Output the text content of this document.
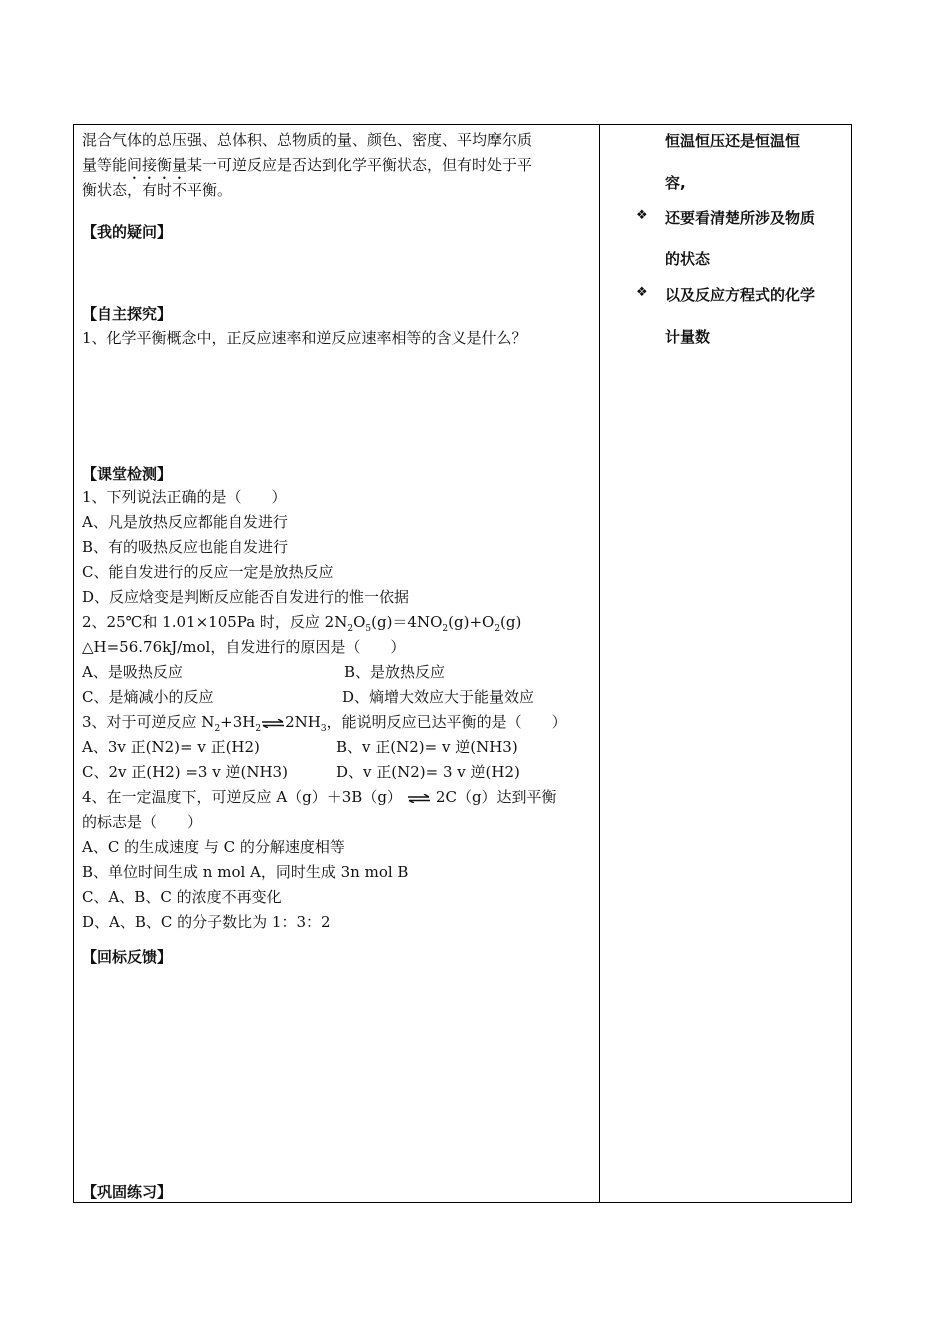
混合气体的总压强、总体积、总物质的量、颜色、密度、平均摩尔质
量等能间接衡量某一可逆反应是否达到化学平衡状态，但有时处于平
衡状态，有时不平衡。
【我的疑问】
【自主探究】
1、化学平衡概念中，正反应速率和逆反应速率相等的含义是什么？
【课堂检测】
1、下列说法正确的是（　　）
A、凡是放热反应都能自发进行
B、有的吸热反应也能自发进行
C、能自发进行的反应一定是放热反应
D、反应焓变是判断反应能否自发进行的惟一依据
2、25℃和 1.01×105Pa 时，反应 $2N_2O_5(g)=4NO_2(g)+O_2(g)$
△H=56.76kJ/mol，自发进行的原因是（　　）
A、是吸热反应	B、是放热反应
C、是熵减小的反应	D、熵增大效应大于能量效应
3、对于可逆反应 $N_2+3H_2$ $\rightleftharpoons 2NH_3$，能说明反应已达平衡的是（　　）
A、3v 正(N2)= v 正(H2)	B、v 正(N2)= v 逆(NH3)
C、2v 正(H2) =3 v 逆(NH3)	D、v 正(N2)= 3 v 逆(H2)
4、在一定温度下，可逆反应 A（g）＋3B（g）⇌2C（g）达到平衡
的标志是（　　）
A、C 的生成速度 与 C 的分解速度相等
B、单位时间生成 n mol A，同时生成 3n mol B
C、A、B、C 的浓度不再变化
D、A、B、C 的分子数比为 1：3：2
【回标反馈】
【巩固练习】
恒温恒压还是恒温恒
容,
❖ 还要看清楚所涉及物质
的状态
❖ 以及反应方程式的化学
计量数
